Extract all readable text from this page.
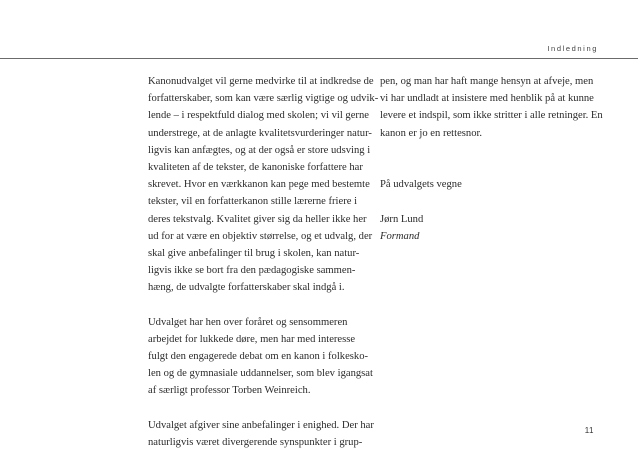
Indledning
Kanonudvalget vil gerne medvirke til at indkredse de
forfatterskaber, som kan være særlig vigtige og udvik-
lende – i respektfuld dialog med skolen; vi vil gerne
understrege, at de anlagte kvalitetsvurderinger natur-
ligvis kan anfægtes, og at der også er store udsving i
kvaliteten af de tekster, de kanoniske forfattere har
skrevet. Hvor en værkkanon kan pege med bestemte
tekster, vil en forfatterkanon stille lærerne friere i
deres tekstvalg. Kvalitet giver sig da heller ikke her
ud for at være en objektiv størrelse, og et udvalg, der
skal give anbefalinger til brug i skolen, kan natur-
ligvis ikke se bort fra den pædagogiske sammen-
hæng, de udvalgte forfatterskaber skal indgå i.
Udvalget har hen over foråret og sensommeren
arbejdet for lukkede døre, men har med interesse
fulgt den engagerede debat om en kanon i folkesko-
len og de gymnasiale uddannelser, som blev igangsat
af særligt professor Torben Weinreich.
Udvalget afgiver sine anbefalinger i enighed. Der har
naturligvis været divergerende synspunkter i grup-
pen, og man har haft mange hensyn at afveje, men
vi har undladt at insistere med henblik på at kunne
levere et indspil, som ikke stritter i alle retninger. En
kanon er jo en rettesnor.
På udvalgets vegne
Jørn Lund
Formand
11
